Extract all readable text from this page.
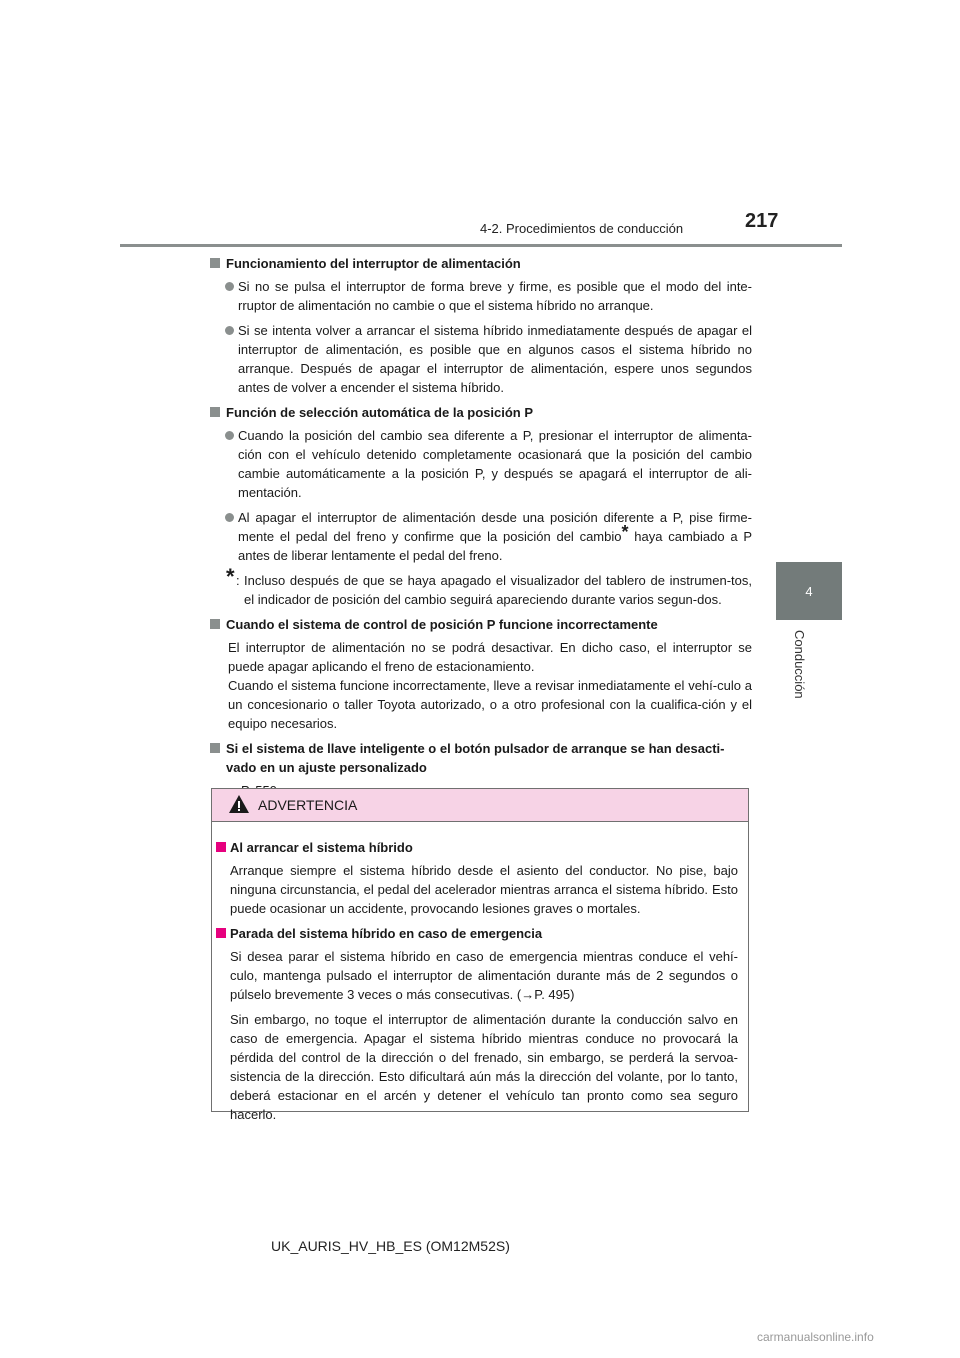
4-2. Procedimientos de conducción	217
4
Conducción
Funcionamiento del interruptor de alimentación
Si no se pulsa el interruptor de forma breve y firme, es posible que el modo del inte-rruptor de alimentación no cambie o que el sistema híbrido no arranque.
Si se intenta volver a arrancar el sistema híbrido inmediatamente después de apagar el interruptor de alimentación, es posible que en algunos casos el sistema híbrido no arranque. Después de apagar el interruptor de alimentación, espere unos segundos antes de volver a encender el sistema híbrido.
Función de selección automática de la posición P
Cuando la posición del cambio sea diferente a P, presionar el interruptor de alimenta-ción con el vehículo detenido completamente ocasionará que la posición del cambio cambie automáticamente a la posición P, y después se apagará el interruptor de ali-mentación.
Al apagar el interruptor de alimentación desde una posición diferente a P, pise firme-mente el pedal del freno y confirme que la posición del cambio* haya cambiado a P antes de liberar lentamente el pedal del freno.
* : Incluso después de que se haya apagado el visualizador del tablero de instrumen-tos, el indicador de posición del cambio seguirá apareciendo durante varios segun-dos.
Cuando el sistema de control de posición P funcione incorrectamente
El interruptor de alimentación no se podrá desactivar. En dicho caso, el interruptor se puede apagar aplicando el freno de estacionamiento.
Cuando el sistema funcione incorrectamente, lleve a revisar inmediatamente el vehí-culo a un concesionario o taller Toyota autorizado, o a otro profesional con la cualifica-ción y el equipo necesarios.
Si el sistema de llave inteligente o el botón pulsador de arranque se han desacti-vado en un ajuste personalizado
ADVERTENCIA
Al arrancar el sistema híbrido
Arranque siempre el sistema híbrido desde el asiento del conductor. No pise, bajo ninguna circunstancia, el pedal del acelerador mientras arranca el sistema híbrido. Esto puede ocasionar un accidente, provocando lesiones graves o mortales.
Parada del sistema híbrido en caso de emergencia
Si desea parar el sistema híbrido en caso de emergencia mientras conduce el vehí-culo, mantenga pulsado el interruptor de alimentación durante más de 2 segundos o púlselo brevemente 3 veces o más consecutivas. (→P. 495)
Sin embargo, no toque el interruptor de alimentación durante la conducción salvo en caso de emergencia. Apagar el sistema híbrido mientras conduce no provocará la pérdida del control de la dirección o del frenado, sin embargo, se perderá la servoa-sistencia de la dirección. Esto dificultará aún más la dirección del volante, por lo tanto, deberá estacionar en el arcén y detener el vehículo tan pronto como sea seguro hacerlo.
UK_AURIS_HV_HB_ES (OM12M52S)
carmanualsonline.info
